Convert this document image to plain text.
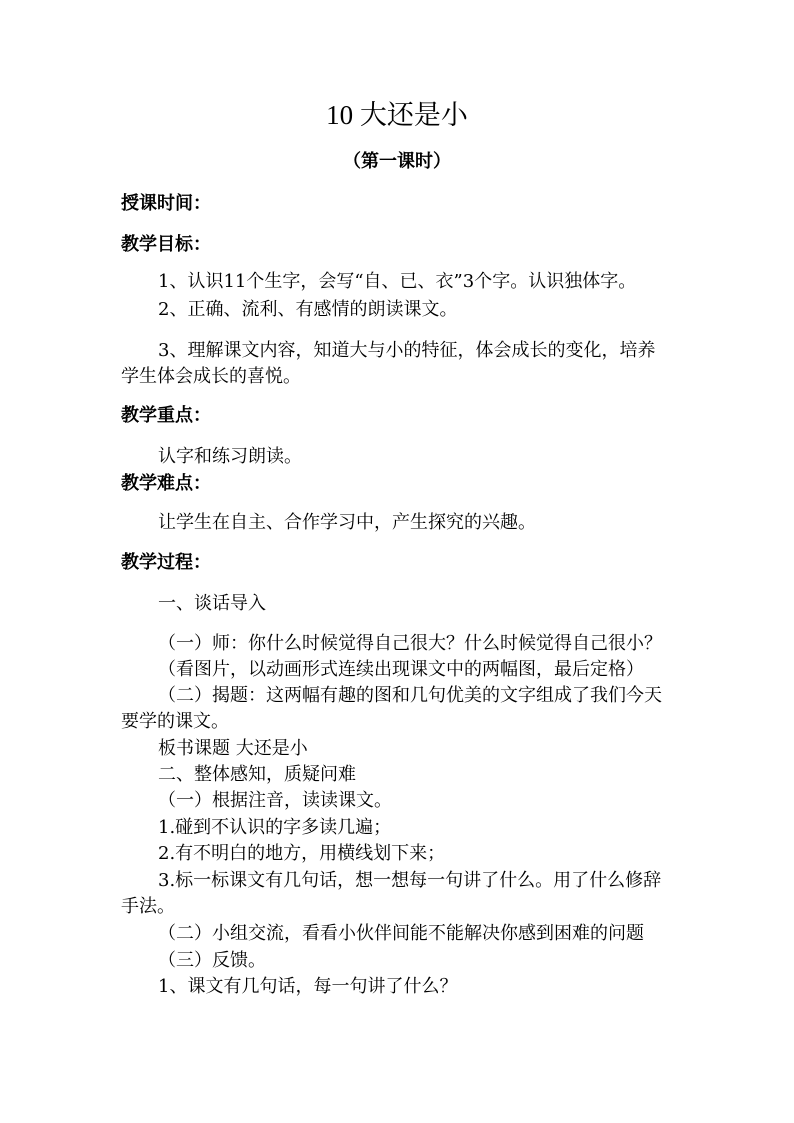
10 大还是小
（第一课时）
授课时间：
教学目标：
1、认识11个生字，会写“自、已、衣”3个字。认识独体字。
2、正确、流利、有感情的朗读课文。
3、理解课文内容，知道大与小的特征，体会成长的变化，培养
学生体会成长的喜悦。
教学重点：
认字和练习朗读。
教学难点：
让学生在自主、合作学习中，产生探究的兴趣。
教学过程：
一、谈话导入
（一）师：你什么时候觉得自己很大？什么时候觉得自己很小？
（看图片，以动画形式连续出现课文中的两幅图，最后定格）
（二）揭题：这两幅有趣的图和几句优美的文字组成了我们今天
要学的课文。
板书课题 大还是小
二、整体感知，质疑问难
（一）根据注音，读读课文。
1.碰到不认识的字多读几遍；
2.有不明白的地方，用横线划下来；
3.标一标课文有几句话，想一想每一句讲了什么。用了什么修辞
手法。
（二）小组交流，看看小伙伴间能不能解决你感到困难的问题
（三）反馈。
1、课文有几句话，每一句讲了什么？
